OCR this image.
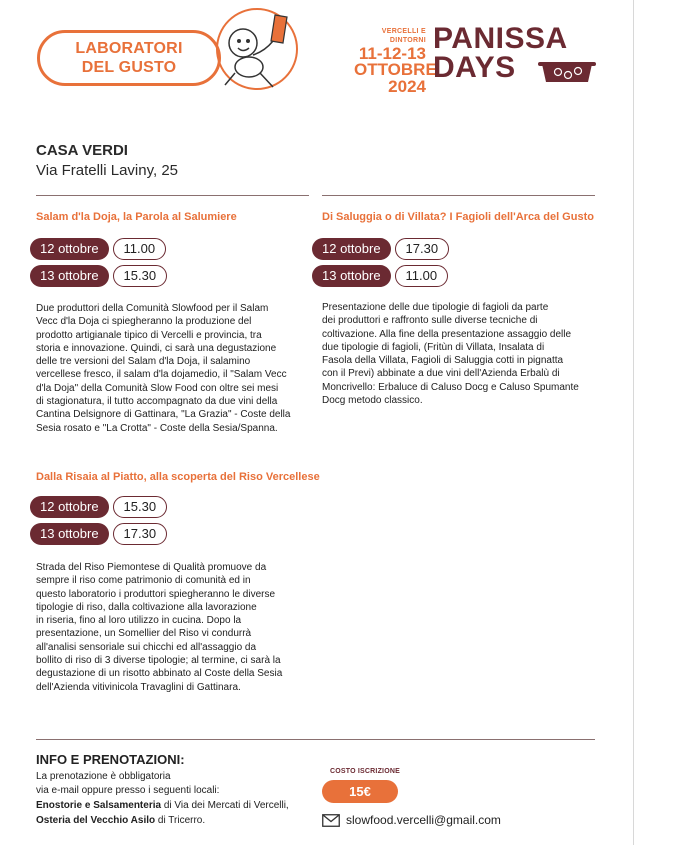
LABORATORI
DEL GUSTO
VERCELLI E DINTORNI
11-12-13
OTTOBRE
2024
PANISSA
DAYS
CASA VERDI
Via Fratelli Laviny, 25
Salam d'la Doja, la Parola al Salumiere
12 ottobre	11.00
13 ottobre	15.30
Due produttori della Comunità Slowfood per il Salam
Vecc d'la Doja ci spiegheranno la produzione del
prodotto artigianale tipico di Vercelli e provincia, tra
storia e innovazione. Quindi, ci sarà una degustazione
delle tre versioni del Salam d'la Doja, il salamino
vercellese fresco, il salam d'la dojamedio, il "Salam Vecc
d'la Doja" della Comunità Slow Food con oltre sei mesi
di stagionatura, il tutto accompagnato da due vini della
Cantina Delsignore di Gattinara, "La Grazia" - Coste della
Sesia rosato e "La Crotta" - Coste della Sesia/Spanna.
Dalla Risaia al Piatto, alla scoperta del Riso Vercellese
12 ottobre	15.30
13 ottobre	17.30
Strada del Riso Piemontese di Qualità promuove da
sempre il riso come patrimonio di comunità ed in
questo laboratorio i produttori spiegheranno le diverse
tipologie di riso, dalla coltivazione alla lavorazione
in riseria, fino al loro utilizzo in cucina. Dopo la
presentazione, un Somellier del Riso vi condurrà
all'analisi sensoriale sui chicchi ed all'assaggio da
bollito di riso di 3 diverse tipologie; al termine, ci sarà la
degustazione di un risotto abbinato al Coste della Sesia
dell'Azienda vitivinicola Travaglini di Gattinara.
Di Saluggia o di Villata? I Fagioli dell'Arca del Gusto
12 ottobre	17.30
13 ottobre	11.00
Presentazione delle due tipologie di fagioli da parte
dei produttori e raffronto sulle diverse tecniche di
coltivazione. Alla fine della presentazione assaggio delle
due tipologie di fagioli, (Fritùn di Villata, Insalata di
Fasola della Villata, Fagioli di Saluggia cotti in pignatta
con il Previ) abbinate a due vini dell'Azienda Erbalù di
Moncrivello: Erbaluce di Caluso Docg e Caluso Spumante
Docg metodo classico.
INFO E PRENOTAZIONI:
La prenotazione è obbligatoria
via e-mail oppure presso i seguenti locali:
Enostorie e Salsamenteria di Via dei Mercati di Vercelli,
Osteria del Vecchio Asilo di Tricerro.
COSTO ISCRIZIONE
15€
slowfood.vercelli@gmail.com
